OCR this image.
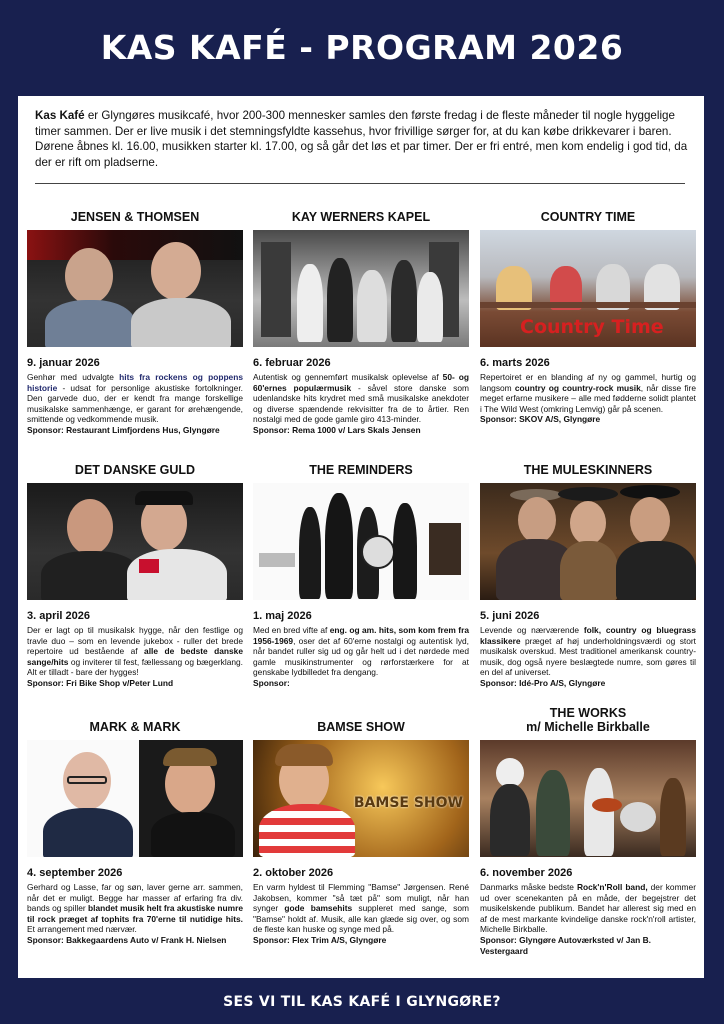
KAS KAFÉ - PROGRAM 2026
Kas Kafé er Glyngøres musikcafé, hvor 200-300 mennesker samles den første fredag i de fleste måneder til nogle hyggelige timer sammen. Der er live musik i det stemningsfyldte kassehus, hvor frivillige sørger for, at du kan købe drikkevarer i baren. Dørene åbnes kl. 16.00, musikken starter kl. 17.00, og så går det løs et par timer. Der er fri entré, men kom endelig i god tid, da der er rift om pladserne.
JENSEN & THOMSEN
9. januar 2026
Genhør med udvalgte hits fra rockens og poppens historie - udsat for personlige akustiske fortolkninger. Den garvede duo, der er kendt fra mange forskellige musikalske sammenhænge, er garant for ørehængende, smittende og vedkommende musik.
Sponsor: Restaurant Limfjordens Hus, Glyngøre
KAY WERNERS KAPEL
6. februar 2026
Autentisk og gennemført musikalsk oplevelse af 50- og 60'ernes populærmusik - såvel store danske som udenlandske hits krydret med små musikalske anekdoter og diverse spændende rekvisitter fra de to årtier. Ren nostalgi med de gode gamle giro 413-minder.
Sponsor: Rema 1000 v/ Lars Skals Jensen
COUNTRY TIME
Country Time
6. marts 2026
Repertoiret er en blanding af ny og gammel, hurtig og langsom country og country-rock musik, når disse fire meget erfarne musikere – alle med fødderne solidt plantet i The Wild West (omkring Lemvig) går på scenen.
Sponsor: SKOV A/S, Glyngøre
DET DANSKE GULD
3. april 2026
Der er lagt op til musikalsk hygge, når den festlige og travle duo – som en levende jukebox - ruller det brede repertoire ud bestående af alle de bedste danske sange/hits og inviterer til fest, fællessang og bægerklang. Alt er tilladt - bare der hygges!
Sponsor: Fri Bike Shop v/Peter Lund
THE REMINDERS
1. maj 2026
Med en bred vifte af eng. og am. hits, som kom frem fra 1956-1969, oser det af 60'erne nostalgi og autentisk lyd, når bandet ruller sig ud og går helt ud i det nørdede med gamle musikinstrumenter og rørforstærkere for at genskabe lydbilledet fra dengang.
Sponsor:
THE MULESKINNERS
5. juni 2026
Levende og nærværende folk, country og bluegrass klassikere præget af høj underholdningsværdi og stort musikalsk overskud. Mest traditionel amerikansk country-musik, dog også nyere beslægtede numre, som gøres til en del af universet.
Sponsor: Idé-Pro A/S, Glyngøre
MARK & MARK
4. september 2026
Gerhard og Lasse, far og søn, laver gerne arr. sammen, når det er muligt. Begge har masser af erfaring fra div. bands og spiller blandet musik helt fra akustiske numre til rock præget af tophits fra 70'erne til nutidige hits. Et arrangement med nærvær.
Sponsor: Bakkegaardens Auto v/ Frank H. Nielsen
BAMSE SHOW
BAMSE SHOW
2. oktober 2026
En varm hyldest til Flemming "Bamse" Jørgensen. René Jakobsen, kommer "så tæt på" som muligt, når han synger gode bamsehits suppleret med sange, som "Bamse" holdt af. Musik, alle kan glæde sig over, og som de fleste kan huske og synge med på.
Sponsor: Flex Trim A/S, Glyngøre
THE WORKS
m/ Michelle Birkballe
6. november 2026
Danmarks måske bedste Rock'n'Roll band, der kommer ud over scenekanten på en måde, der begejstrer det musikelskende publikum. Bandet har allerest sig med en af de mest markante kvindelige danske rock'n'roll artister, Michelle Birkballe.
Sponsor: Glyngøre Autoværksted v/ Jan B. Vestergaard
SES VI TIL KAS KAFÉ I GLYNGØRE?
